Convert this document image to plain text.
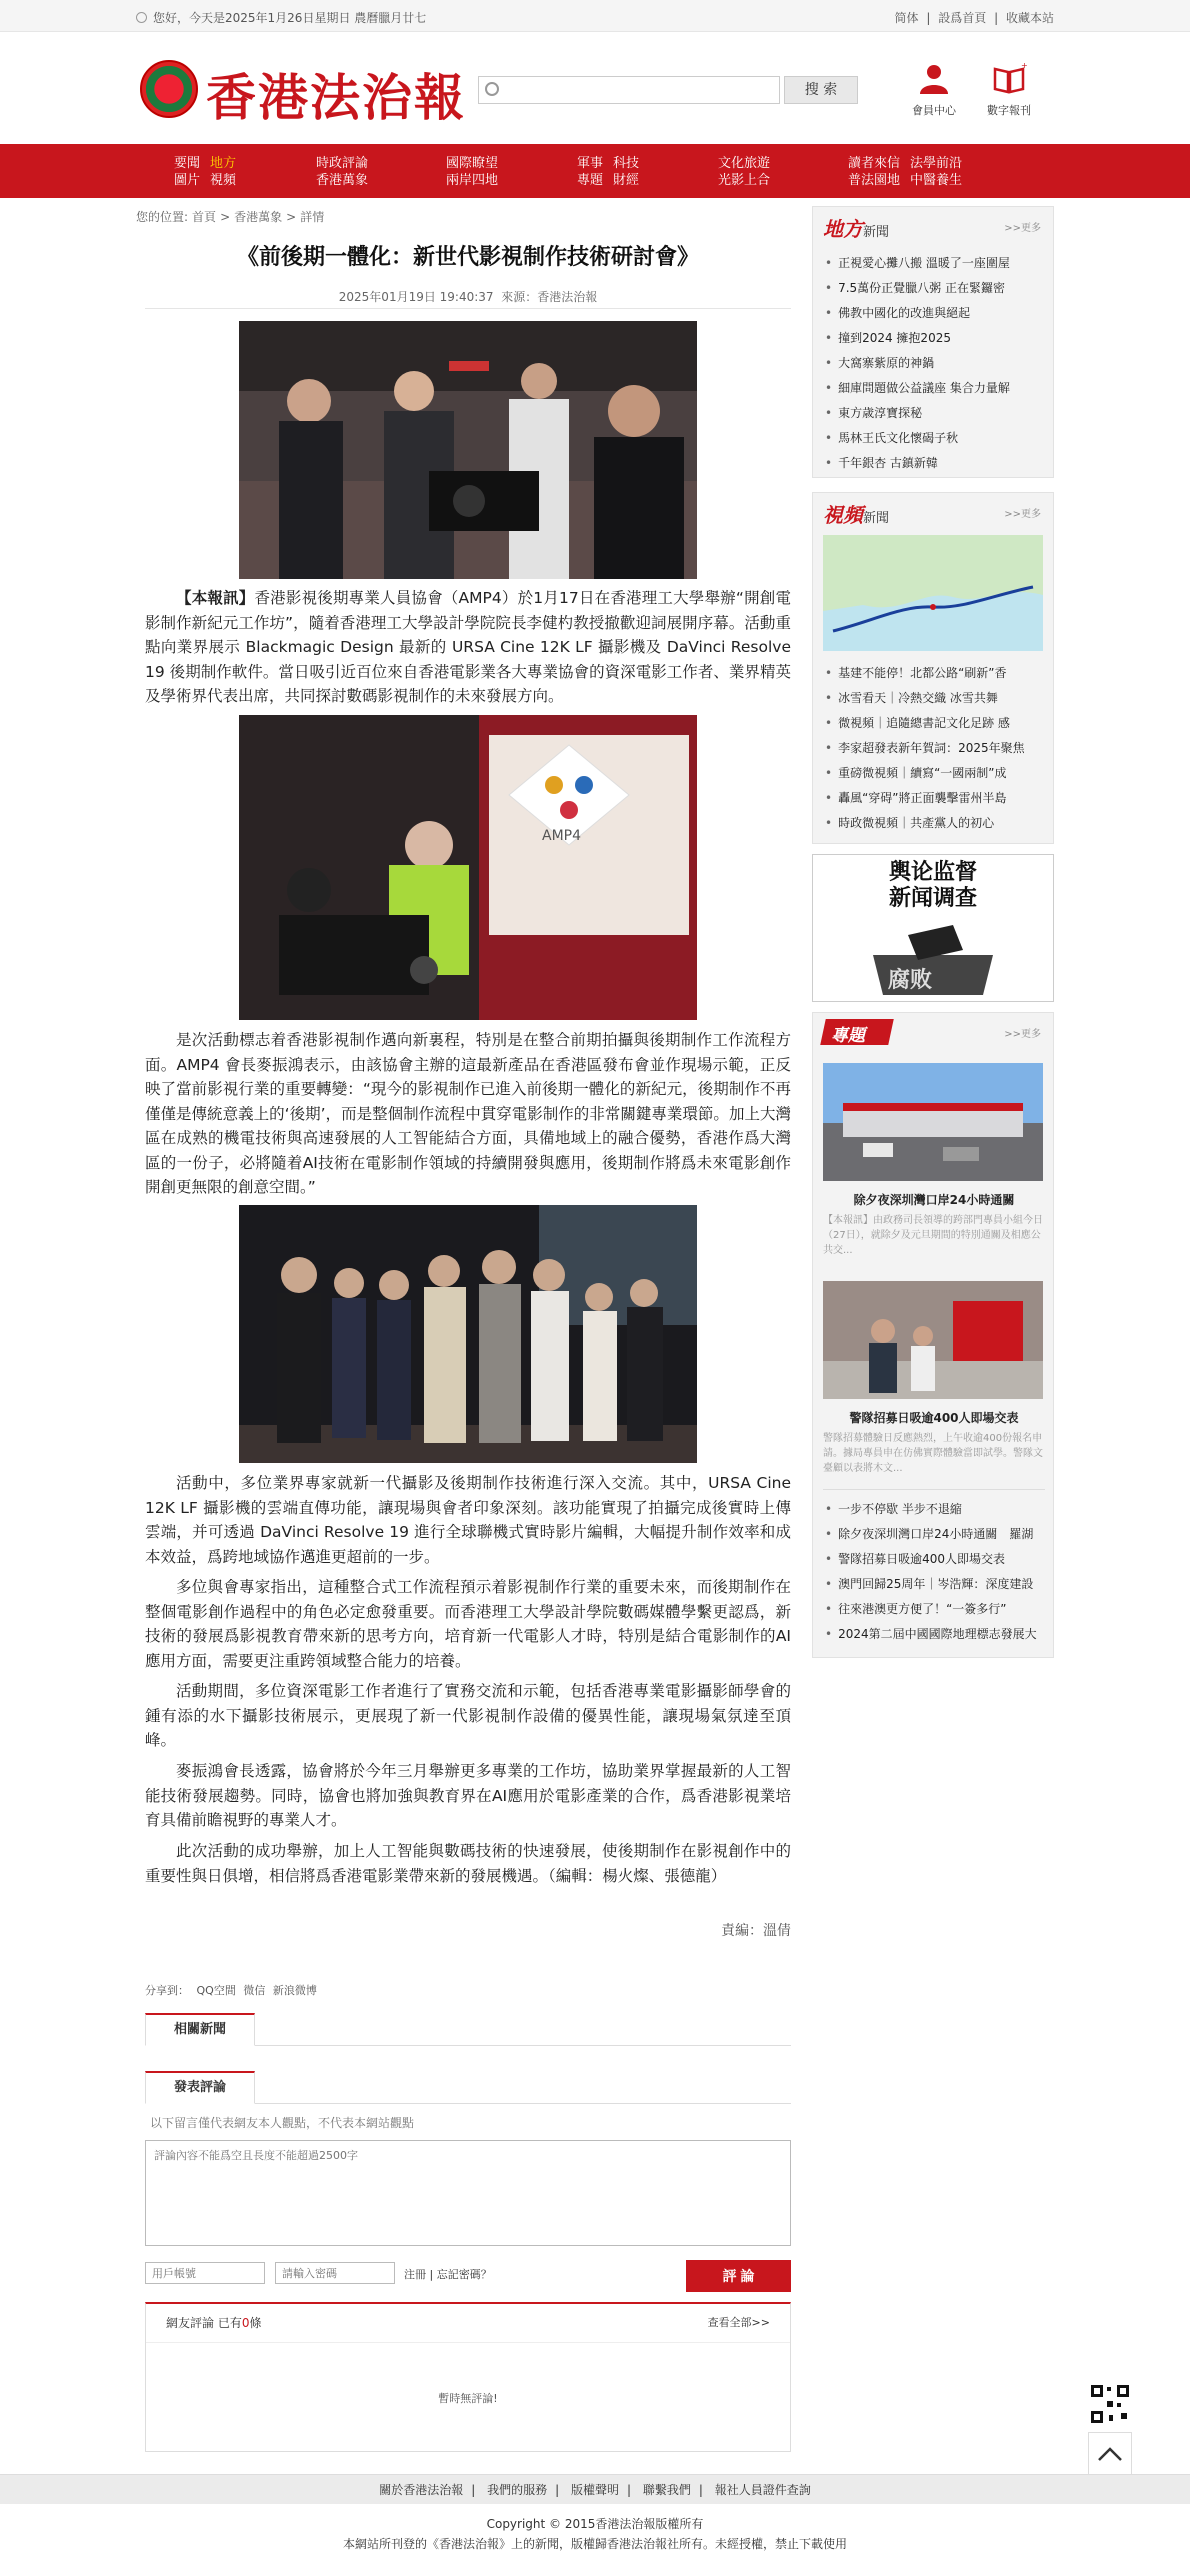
您好，今天是2025年1月26日星期日 農曆臘月廿七	简体 | 設爲首頁 | 收藏本站
香港法治報	搜 索
會員中心
+
數字報刊
要聞 地方
圖片 視頻
時政評論
香港萬象
國際瞭望
兩岸四地
軍事 科技
專題 財經
文化旅遊
光影上合
讀者來信 法學前沿
普法園地 中醫養生
您的位置: 首頁 > 香港萬象 > 詳情
《前後期一體化：新世代影視制作技術研討會》
2025年01月19日 19:40:37 來源：香港法治報
【本報訊】香港影視後期專業人員協會（AMP4）於1月17日在香港理工大學舉辦“開創電影制作新紀元工作坊”，隨着香港理工大學設計學院院長李健杓教授撤歡迎詞展開序幕。活動重點向業界展示 Blackmagic Design 最新的 URSA Cine 12K LF 攝影機及 DaVinci Resolve 19 後期制作軟件。當日吸引近百位來自香港電影業各大專業協會的資深電影工作者、業界精英及學術界代表出席，共同探討數碼影視制作的未來發展方向。
AMP4
是次活動標志着香港影視制作邁向新裏程，特別是在整合前期拍攝與後期制作工作流程方面。AMP4 會長麥振鴻表示，由該協會主辦的這最新產品在香港區發布會並作現場示範，正反映了當前影視行業的重要轉變：“現今的影視制作已進入前後期一體化的新紀元，後期制作不再僅僅是傳統意義上的‘後期’，而是整個制作流程中貫穿電影制作的非常關鍵專業環節。加上大灣區在成熟的機電技術與高速發展的人工智能結合方面，具備地域上的融合優勢，香港作爲大灣區的一份子，必將隨着AI技術在電影制作領域的持續開發與應用，後期制作將爲未來電影創作開創更無限的創意空間。”
活動中，多位業界專家就新一代攝影及後期制作技術進行深入交流。其中，URSA Cine 12K LF 攝影機的雲端直傳功能，讓現場與會者印象深刻。該功能實現了拍攝完成後實時上傳雲端，并可透過 DaVinci Resolve 19 進行全球聯機式實時影片編輯，大幅提升制作效率和成本效益，爲跨地域協作邁進更超前的一步。
多位與會專家指出，這種整合式工作流程預示着影視制作行業的重要未來，而後期制作在整個電影創作過程中的角色必定愈發重要。而香港理工大學設計學院數碼媒體學繫更認爲，新技術的發展爲影視教育帶來新的思考方向，培育新一代電影人才時，特別是結合電影制作的AI應用方面，需要更注重跨領域整合能力的培養。
活動期間，多位資深電影工作者進行了實務交流和示範，包括香港專業電影攝影師學會的鍾有添的水下攝影技術展示，更展現了新一代影視制作設備的優異性能，讓現場氣氛達至頂峰。
麥振鴻會長透露，協會將於今年三月舉辦更多專業的工作坊，協助業界掌握最新的人工智能技術發展趨勢。同時，協會也將加強與教育界在AI應用於電影產業的合作，爲香港影視業培育具備前瞻視野的專業人才。
此次活動的成功舉辦，加上人工智能與數碼技術的快速發展，使後期制作在影視創作中的重要性與日俱增，相信將爲香港電影業帶來新的發展機遇。（編輯：楊火燦、張德龍）
責編：溫倩
分享到： QQ空間 微信 新浪微博
相關新聞
發表評論
以下留言僅代表網友本人觀點，不代表本網站觀點
評論內容不能爲空且長度不能超過2500字
用戶帳號
請輸入密碼
注冊 | 忘記密碼？	評 論
網友評論 已有0條	查看全部>>
暫時無評論!
地方新聞	>>更多
• 正視愛心攤八搬 溫暖了一座圍屋
• 7.5萬份正覺臘八粥 正在緊鑼密
• 佛教中國化的改進與絕起
• 撞到2024 擁抱2025
• 大窩寨紫原的神鍋
• 細庫問題做公益議座 集合力量解
• 東方歳淳寶探秘
• 馬林王氏文化懷碣子秋
• 千年銀杏 古鎮新韓
視頻新聞	>>更多
• 基建不能停！北都公路“刷新”香
• 冰雪看天｜冷熱交織 冰雪共舞
• 微視頻｜追隨總書記文化足跡 感
• 李家超發表新年賀詞：2025年聚焦
• 重磅微視頻｜續寫“一國兩制”成
• 轟風“穿碍”將正面襲擊雷州半島
• 時政微視頻｜共產黨人的初心
腐败
輿论监督
新闻调查
專題	>>更多
除夕夜深圳灣口岸24小時通關
【本報訊】由政務司長領導的跨部門專員小組今日（27日），就除夕及元旦期間的特別通關及相應公共交...
警隊招募日吸逾400人即場交表
警隊招募體驗日反應熱烈，上午收逾400份報名申請。據局專員申在仿佛實際體驗當即試學。警隊文臺顧以表將木文...
• 一步不停歇 半步不退縮
• 除夕夜深圳灣口岸24小時通關　羅湖
• 警隊招募日吸逾400人即場交表
• 澳門回歸25周年｜岑浩輝：深度建設
• 往來港澳更方便了！“一簽多行”
• 2024第二屆中國國際地理標志發展大
關於香港法治報 | 我們的服務 | 版權聲明 | 聯繫我們 | 報社人員證件查詢
Copyright © 2015香港法治報版權所有
本網站所刊登的《香港法治報》上的新聞，版權歸香港法治報社所有。未經授權，禁止下載使用
